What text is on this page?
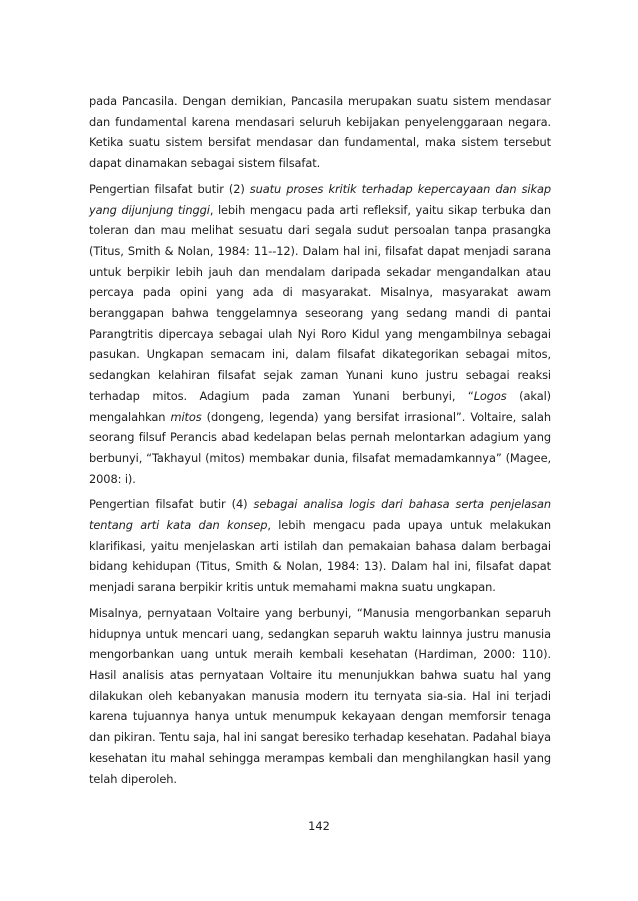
pada Pancasila. Dengan demikian, Pancasila merupakan suatu sistem mendasar dan fundamental karena mendasari seluruh kebijakan penyelenggaraan negara. Ketika suatu sistem bersifat mendasar dan fundamental, maka sistem tersebut dapat dinamakan sebagai sistem filsafat.

Pengertian filsafat butir (2) suatu proses kritik terhadap kepercayaan dan sikap yang dijunjung tinggi, lebih mengacu pada arti refleksif, yaitu sikap terbuka dan toleran dan mau melihat sesuatu dari segala sudut persoalan tanpa prasangka (Titus, Smith & Nolan, 1984: 11--12). Dalam hal ini, filsafat dapat menjadi sarana untuk berpikir lebih jauh dan mendalam daripada sekadar mengandalkan atau percaya pada opini yang ada di masyarakat. Misalnya, masyarakat awam beranggapan bahwa tenggelamnya seseorang yang sedang mandi di pantai Parangtritis dipercaya sebagai ulah Nyi Roro Kidul yang mengambilnya sebagai pasukan. Ungkapan semacam ini, dalam filsafat dikategorikan sebagai mitos, sedangkan kelahiran filsafat sejak zaman Yunani kuno justru sebagai reaksi terhadap mitos. Adagium pada zaman Yunani berbunyi, “Logos (akal) mengalahkan mitos (dongeng, legenda) yang bersifat irrasional”. Voltaire, salah seorang filsuf Perancis abad kedelapan belas pernah melontarkan adagium yang berbunyi, “Takhayul (mitos) membakar dunia, filsafat memadamkannya” (Magee, 2008: i).

Pengertian filsafat butir (4) sebagai analisa logis dari bahasa serta penjelasan tentang arti kata dan konsep, lebih mengacu pada upaya untuk melakukan klarifikasi, yaitu menjelaskan arti istilah dan pemakaian bahasa dalam berbagai bidang kehidupan (Titus, Smith & Nolan, 1984: 13). Dalam hal ini, filsafat dapat menjadi sarana berpikir kritis untuk memahami makna suatu ungkapan.

Misalnya, pernyataan Voltaire yang berbunyi, “Manusia mengorbankan separuh hidupnya untuk mencari uang, sedangkan separuh waktu lainnya justru manusia mengorbankan uang untuk meraih kembali kesehatan (Hardiman, 2000: 110). Hasil analisis atas pernyataan Voltaire itu menunjukkan bahwa suatu hal yang dilakukan oleh kebanyakan manusia modern itu ternyata sia-sia. Hal ini terjadi karena tujuannya hanya untuk menumpuk kekayaan dengan memforsir tenaga dan pikiran. Tentu saja, hal ini sangat beresiko terhadap kesehatan. Padahal biaya kesehatan itu mahal sehingga merampas kembali dan menghilangkan hasil yang telah diperoleh.

142
